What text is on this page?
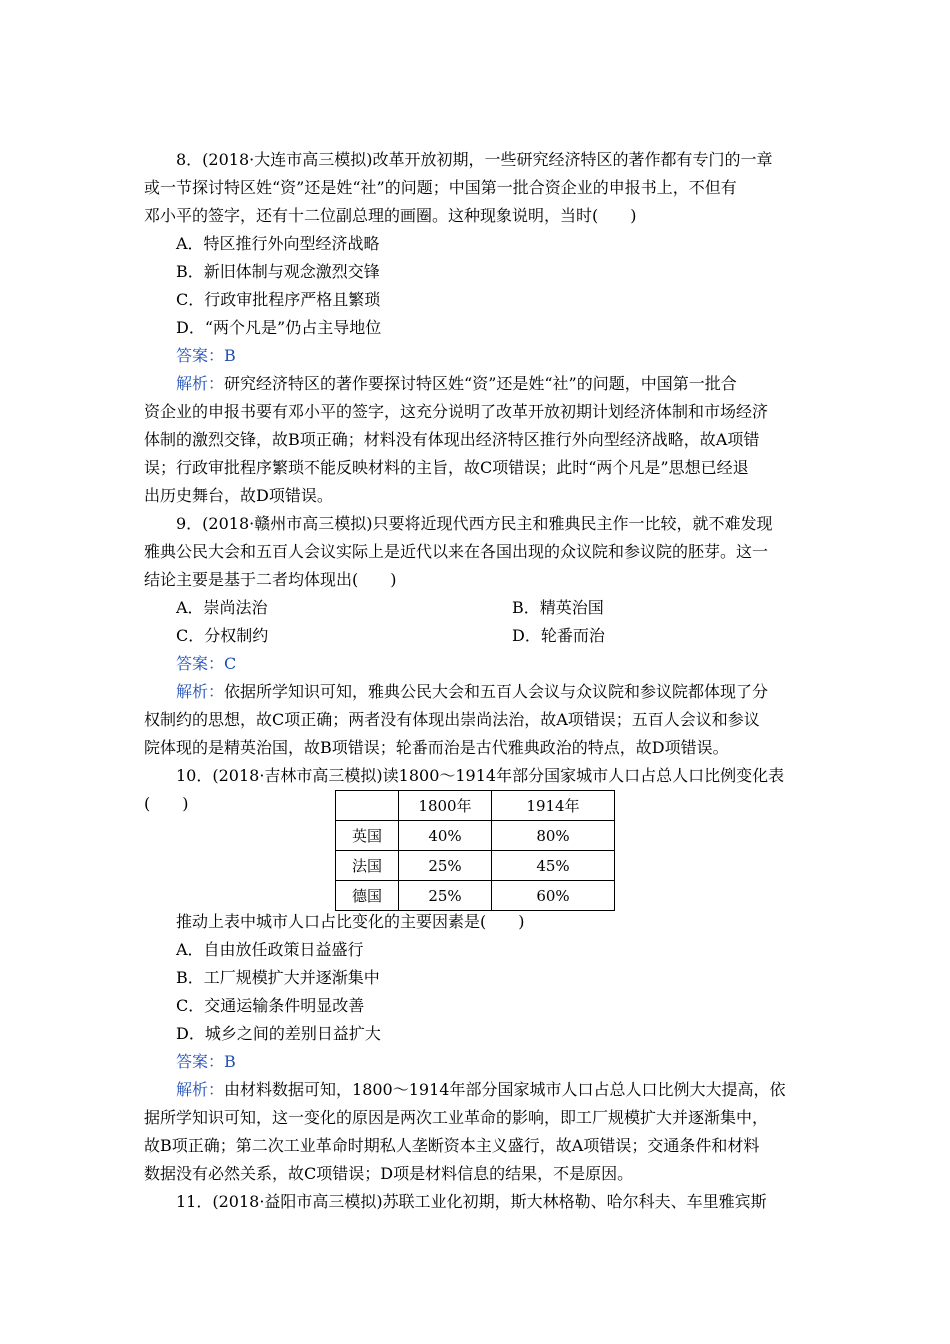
8．(2018·大连市高三模拟)改革开放初期，一些研究经济特区的著作都有专门的一章
或一节探讨特区姓“资”还是姓“社”的问题；中国第一批合资企业的申报书上，不但有
邓小平的签字，还有十二位副总理的画圈。这种现象说明，当时(　　)
A．特区推行外向型经济战略
B．新旧体制与观念激烈交锋
C．行政审批程序严格且繁琐
D．“两个凡是”仍占主导地位
答案：B
解析：研究经济特区的著作要探讨特区姓“资”还是姓“社”的问题，中国第一批合
资企业的申报书要有邓小平的签字，这充分说明了改革开放初期计划经济体制和市场经济
体制的激烈交锋，故B项正确；材料没有体现出经济特区推行外向型经济战略，故A项错
误；行政审批程序繁琐不能反映材料的主旨，故C项错误；此时“两个凡是”思想已经退
出历史舞台，故D项错误。
9．(2018·赣州市高三模拟)只要将近现代西方民主和雅典民主作一比较，就不难发现
雅典公民大会和五百人会议实际上是近代以来在各国出现的众议院和参议院的胚芽。这一
结论主要是基于二者均体现出(　　)
A．崇尚法治	B．精英治国
C．分权制约	D．轮番而治
答案：C
解析：依据所学知识可知，雅典公民大会和五百人会议与众议院和参议院都体现了分
权制约的思想，故C项正确；两者没有体现出崇尚法治，故A项错误；五百人会议和参议
院体现的是精英治国，故B项错误；轮番而治是古代雅典政治的特点，故D项错误。
10．(2018·吉林市高三模拟)读1800～1914年部分国家城市人口占总人口比例变化表
(　　)
		1800年	1914年
英国	40%	80%
法国	25%	45%
德国	25%	60%
推动上表中城市人口占比变化的主要因素是(　　)
A．自由放任政策日益盛行
B．工厂规模扩大并逐渐集中
C．交通运输条件明显改善
D．城乡之间的差别日益扩大
答案：B
解析：由材料数据可知，1800～1914年部分国家城市人口占总人口比例大大提高，依
据所学知识可知，这一变化的原因是两次工业革命的影响，即工厂规模扩大并逐渐集中，
故B项正确；第二次工业革命时期私人垄断资本主义盛行，故A项错误；交通条件和材料
数据没有必然关系，故C项错误；D项是材料信息的结果，不是原因。
11．(2018·益阳市高三模拟)苏联工业化初期，斯大林格勒、哈尔科夫、车里雅宾斯
